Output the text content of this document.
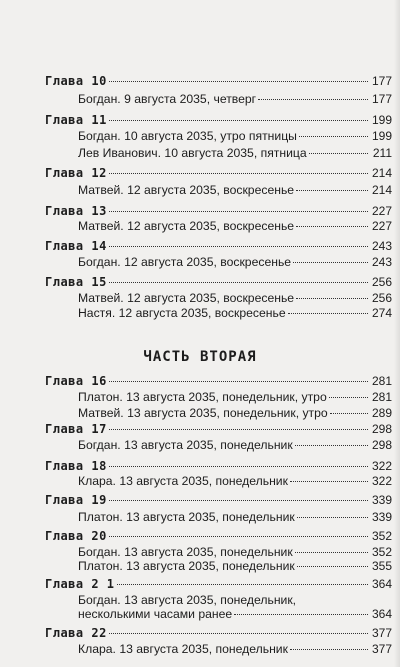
Глава 10	177
Богдан. 9 августа 2035, четверг	177
Глава 11	199
Богдан. 10 августа 2035, утро пятницы	199
Лев Иванович. 10 августа 2035, пятница	211
Глава 12	214
Матвей. 12 августа 2035, воскресенье	214
Глава 13	227
Матвей. 12 августа 2035, воскресенье	227
Глава 14	243
Богдан. 12 августа 2035, воскресенье	243
Глава 15	256
Матвей. 12 августа 2035, воскресенье	256
Настя. 12 августа 2035, воскресенье	274
ЧАСТЬ ВТОРАЯ
Глава 16	281
Платон. 13 августа 2035, понедельник, утро	281
Матвей. 13 августа 2035, понедельник, утро	289
Глава 17	298
Богдан. 13 августа 2035, понедельник	298
Глава 18	322
Клара. 13 августа 2035, понедельник	322
Глава 19	339
Платон. 13 августа 2035, понедельник	339
Глава 20	352
Богдан. 13 августа 2035, понедельник	352
Платон. 13 августа 2035, понедельник	355
Глава 2 1	364
Богдан. 13 августа 2035, понедельник,
несколькими часами ранее	364
Глава 22	377
Клара. 13 августа 2035, понедельник	377
